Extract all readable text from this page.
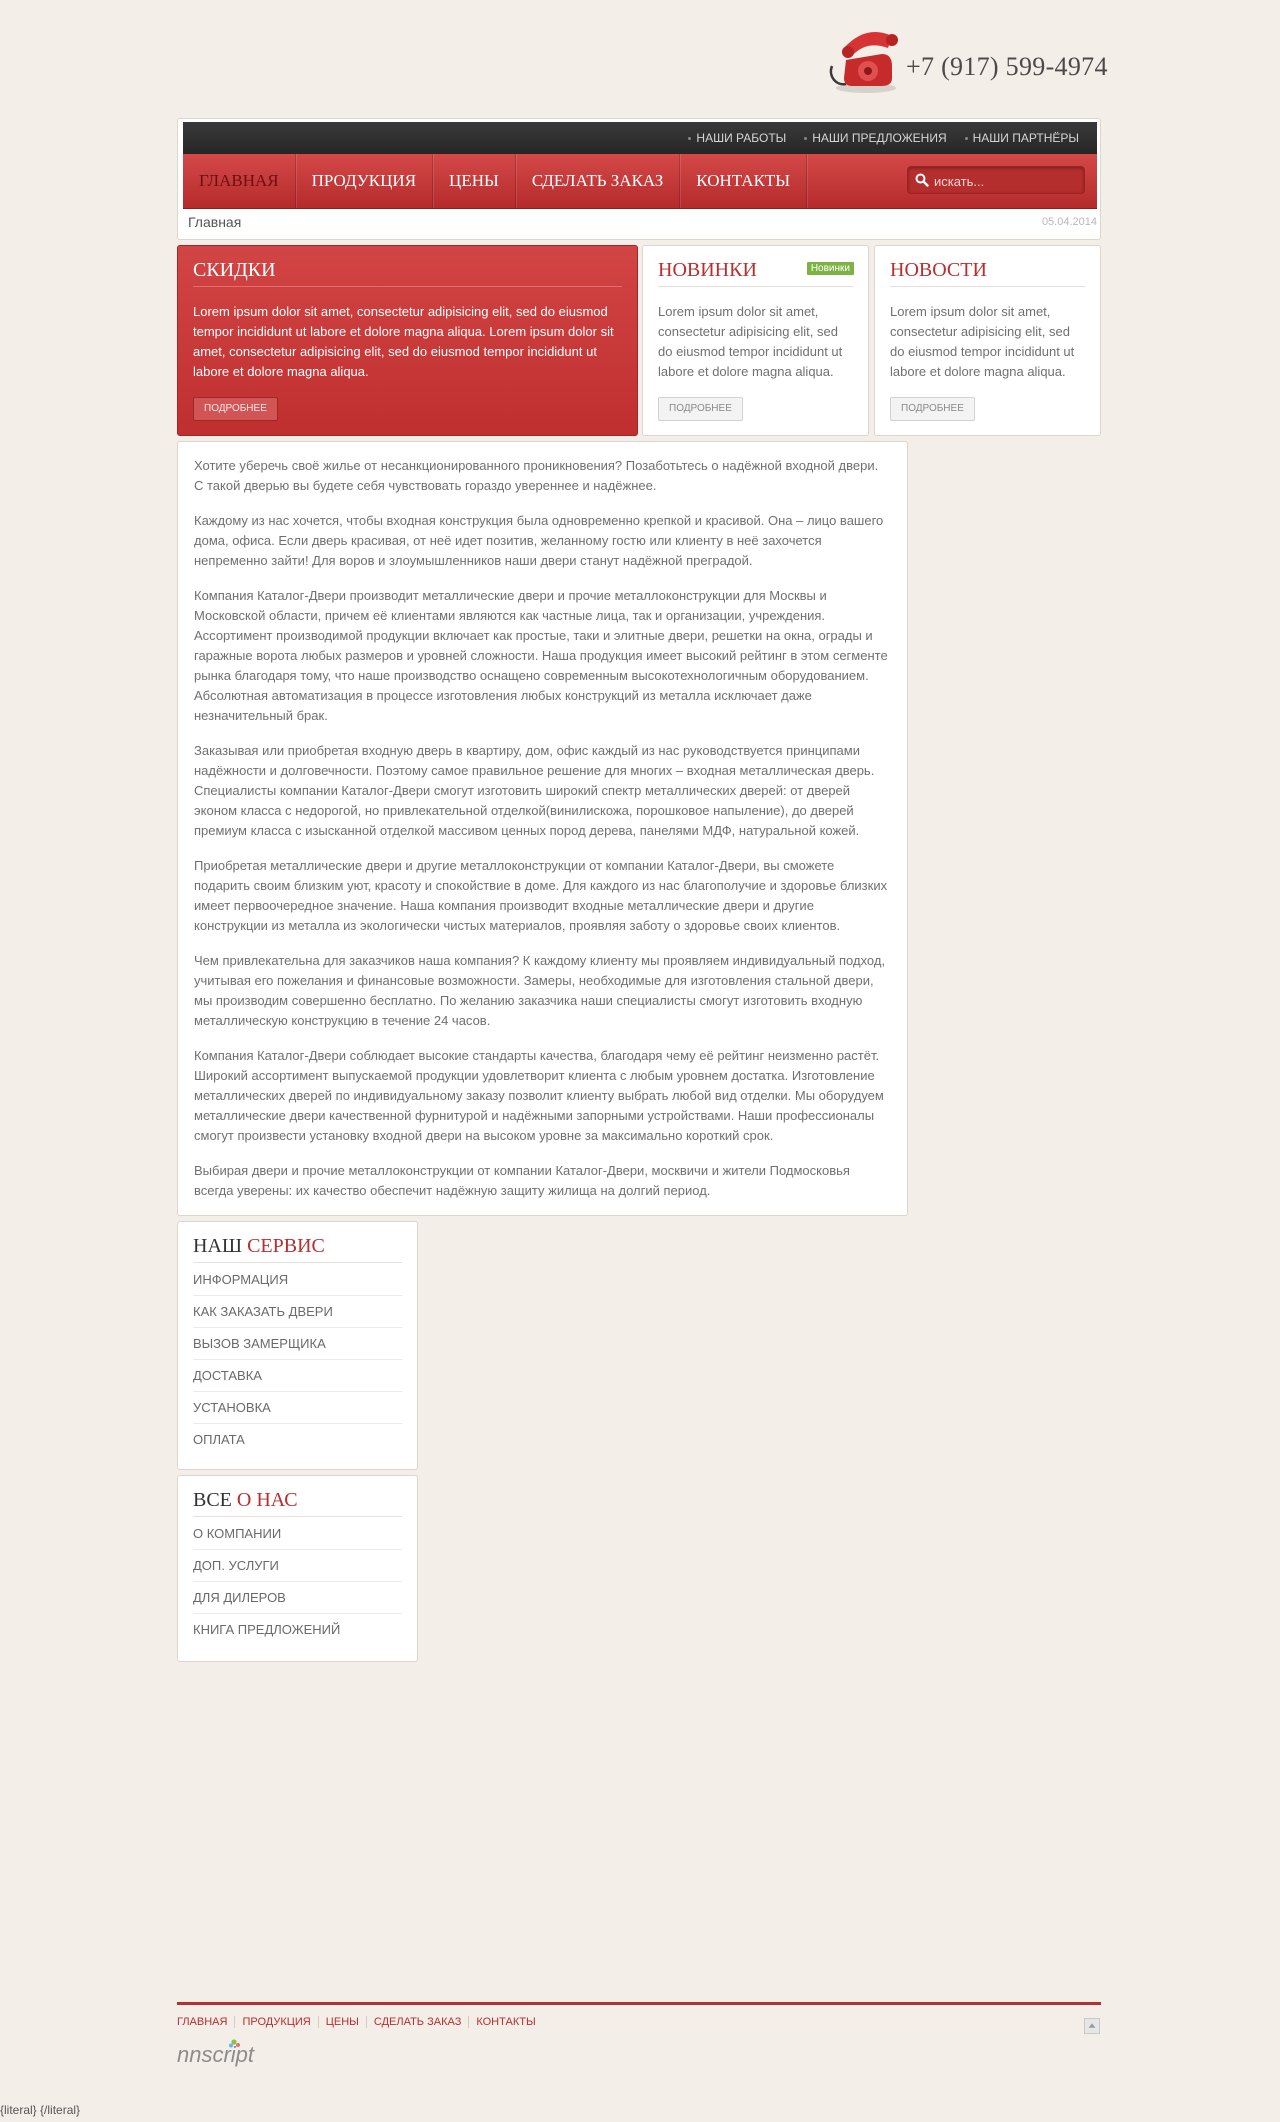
+7 (917) 599-4974
НАШИ РАБОТЫ	НАШИ ПРЕДЛОЖЕНИЯ	НАШИ ПАРТНЁРЫ
ГЛАВНАЯ	ПРОДУКЦИЯ	ЦЕНЫ	СДЕЛАТЬ ЗАКАЗ	КОНТАКТЫ
искать...
Главная	05.04.2014
СКИДКИ
Lorem ipsum dolor sit amet, consectetur adipisicing elit, sed do eiusmod tempor incididunt ut labore et dolore magna aliqua. Lorem ipsum dolor sit amet, consectetur adipisicing elit, sed do eiusmod tempor incididunt ut labore et dolore magna aliqua.
ПОДРОБНЕЕ
НОВИНКИ	Новинки
Lorem ipsum dolor sit amet, consectetur adipisicing elit, sed do eiusmod tempor incididunt ut labore et dolore magna aliqua.
ПОДРОБНЕЕ
НОВОСТИ
Lorem ipsum dolor sit amet, consectetur adipisicing elit, sed do eiusmod tempor incididunt ut labore et dolore magna aliqua.
ПОДРОБНЕЕ

Хотите уберечь своё жилье от несанкционированного проникновения? Позаботьтесь о надёжной входной двери. С такой дверью вы будете себя чувствовать гораздо увереннее и надёжнее.

Каждому из нас хочется, чтобы входная конструкция была одновременно крепкой и красивой. Она – лицо вашего дома, офиса. Если дверь красивая, от неё идет позитив, желанному гостю или клиенту в неё захочется непременно зайти! Для воров и злоумышленников наши двери станут надёжной преградой.

Компания Каталог-Двери производит металлические двери и прочие металлоконструкции для Москвы и Московской области, причем её клиентами являются как частные лица, так и организации, учреждения. Ассортимент производимой продукции включает как простые, таки и элитные двери, решетки на окна, ограды и гаражные ворота любых размеров и уровней сложности. Наша продукция имеет высокий рейтинг в этом сегменте рынка благодаря тому, что наше производство оснащено современным высокотехнологичным оборудованием. Абсолютная автоматизация в процессе изготовления любых конструкций из металла исключает даже незначительный брак.

Заказывая или приобретая входную дверь в квартиру, дом, офис каждый из нас руководствуется принципами надёжности и долговечности. Поэтому самое правильное решение для многих – входная металлическая дверь. Специалисты компании Каталог-Двери смогут изготовить широкий спектр металлических дверей: от дверей эконом класса с недорогой, но привлекательной отделкой(винилискожа, порошковое напыление), до дверей премиум класса с изысканной отделкой массивом ценных пород дерева, панелями МДФ, натуральной кожей.

Приобретая металлические двери и другие металлоконструкции от компании Каталог-Двери, вы сможете подарить своим близким уют, красоту и спокойствие в доме. Для каждого из нас благополучие и здоровье близких имеет первоочередное значение. Наша компания производит входные металлические двери и другие конструкции из металла из экологически чистых материалов, проявляя заботу о здоровье своих клиентов.

Чем привлекательна для заказчиков наша компания? К каждому клиенту мы проявляем индивидуальный подход, учитывая его пожелания и финансовые возможности. Замеры, необходимые для изготовления стальной двери, мы производим совершенно бесплатно. По желанию заказчика наши специалисты смогут изготовить входную металлическую конструкцию в течение 24 часов.

Компания Каталог-Двери соблюдает высокие стандарты качества, благодаря чему её рейтинг неизменно растёт. Широкий ассортимент выпускаемой продукции удовлетворит клиента с любым уровнем достатка. Изготовление металлических дверей по индивидуальному заказу позволит клиенту выбрать любой вид отделки. Мы оборудуем металлические двери качественной фурнитурой и надёжными запорными устройствами. Наши профессионалы смогут произвести установку входной двери на высоком уровне за максимально короткий срок.

Выбирая двери и прочие металлоконструкции от компании Каталог-Двери, москвичи и жители Подмосковья всегда уверены: их качество обеспечит надёжную защиту жилища на долгий период.

НАШ СЕРВИС
ИНФОРМАЦИЯ
КАК ЗАКАЗАТЬ ДВЕРИ
ВЫЗОВ ЗАМЕРЩИКА
ДОСТАВКА
УСТАНОВКА
ОПЛАТА
ВСЕ О НАС
О КОМПАНИИ
ДОП. УСЛУГИ
ДЛЯ ДИЛЕРОВ
КНИГА ПРЕДЛОЖЕНИЙ
ГЛАВНАЯ	ПРОДУКЦИЯ	ЦЕНЫ	СДЕЛАТЬ ЗАКАЗ	КОНТАКТЫ
nnscript
{literal} {/literal}
